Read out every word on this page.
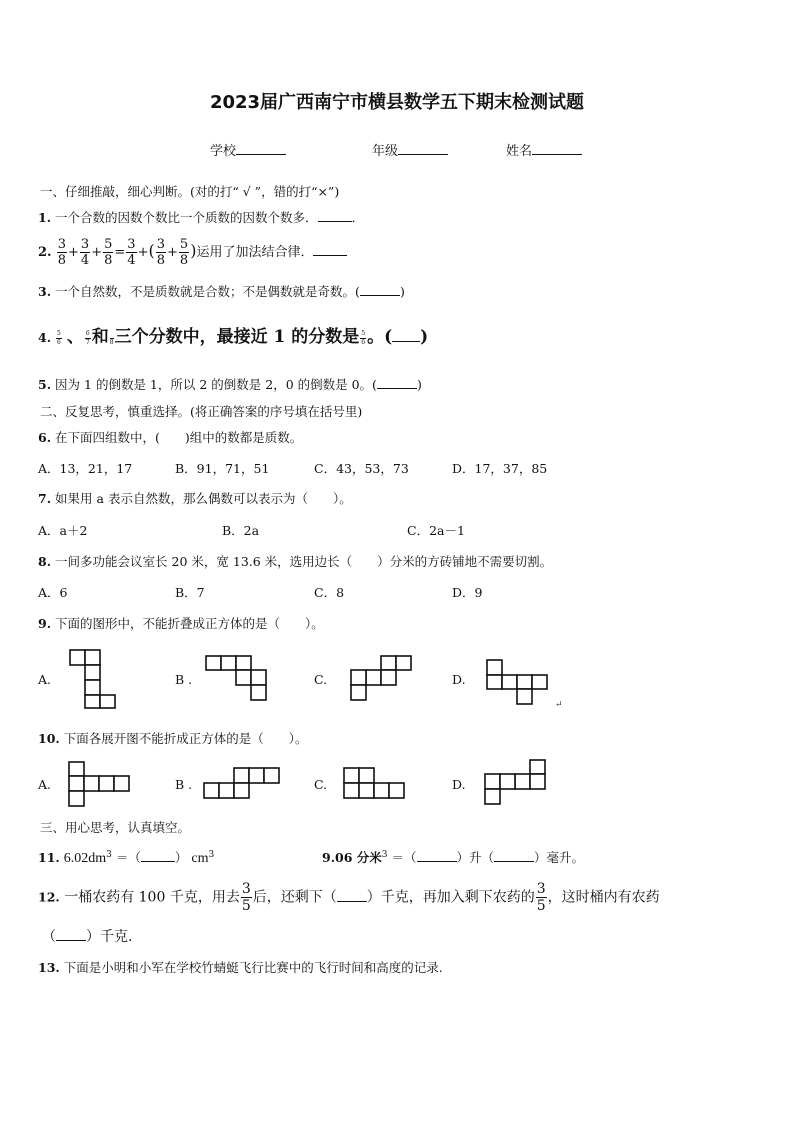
2023届广西南宁市横县数学五下期末检测试题
学校	年级	姓名
一、仔细推敲，细心判断。(对的打“ √ ”，错的打“×”)
1. 一个合数的因数个数比一个质数的因数个数多．	．
2. $\frac{3}{8} + \frac{3}{4} + \frac{5}{8} = \frac{3}{4}$ +( $\frac{3}{8} + \frac{5}{8}$ )运用了加法结合律．
3. 一个自然数，不是质数就是合数；不是偶数就是奇数。(	)
4. $\frac{5}{6}$ 、 $\frac{6}{7}$ 和
8 三个分数中，最接近 1 的分数是 $\frac{5}{6}$ 。( )
5. 因为 1 的倒数是 1，所以 2 的倒数是 2，0 的倒数是 0。(	)
二、反复思考，慎重选择。(将正确答案的序号填在括号里)
6. 在下面四组数中，(　　)组中的数都是质数。
A．13，21，17	B．91，71，51	C．43，53，73	D．17，37，85
7. 如果用 a 表示自然数，那么偶数可以表示为（　　）。
A．a＋2	B．2a	C．2a－1
8. 一间多功能会议室长 20 米，宽 13.6 米，选用边长（　　）分米的方砖铺地不需要切割。
A．6	B．7	C．8	D．9
9. 下面的图形中，不能折叠成正方体的是（　　）。
A.	B .	C.	D.
↵
10. 下面各展开图不能折成正方体的是（　　）。
A.	B .	C.	D.
三、用心思考，认真填空。
11. $6.02dm^3$ ＝（	） $cm^3$	9.06 分米$^3$ ＝（	）升（	）毫升。
12. 一桶农药有 100 千克，用去 $\frac{3}{5}$ 后，还剩下（ ）千克，再加入剩下农药的 $\frac{3}{5}$ ，这时桶内有农药
（ ）千克.
13. 下面是小明和小军在学校竹蜻蜓飞行比赛中的飞行时间和高度的记录.
